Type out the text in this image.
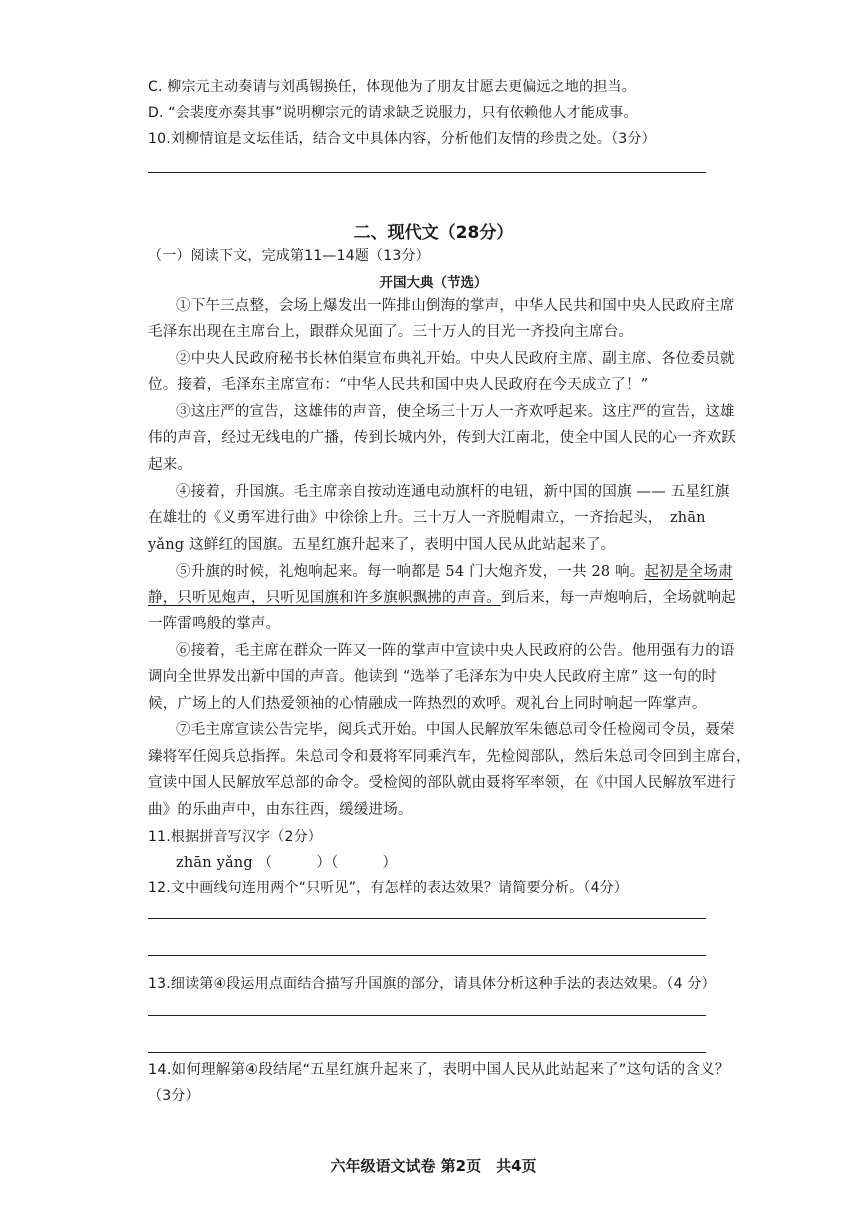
C. 柳宗元主动奏请与刘禹锡换任，体现他为了朋友甘愿去更偏远之地的担当。
D. “会裴度亦奏其事”说明柳宗元的请求缺乏说服力，只有依赖他人才能成事。
10.刘柳情谊是文坛佳话，结合文中具体内容，分析他们友情的珍贵之处。（3分）
二、现代文（28分）
（一）阅读下文，完成第11—14题（13分）
开国大典（节选）
①下午三点整，会场上爆发出一阵排山倒海的掌声，中华人民共和国中央人民政府主席
毛泽东出现在主席台上，跟群众见面了。三十万人的目光一齐投向主席台。
②中央人民政府秘书长林伯渠宣布典礼开始。中央人民政府主席、副主席、各位委员就
位。接着，毛泽东主席宣布：“中华人民共和国中央人民政府在今天成立了！”
③这庄严的宣告，这雄伟的声音，使全场三十万人一齐欢呼起来。这庄严的宣告，这雄
伟的声音，经过无线电的广播，传到长城内外，传到大江南北，使全中国人民的心一齐欢跃
起来。
④接着，升国旗。毛主席亲自按动连通电动旗杆的电钮，新中国的国旗 —— 五星红旗
在雄壮的《义勇军进行曲》中徐徐上升。三十万人一齐脱帽肃立，一齐抬起头，　zhān
yǎng 这鲜红的国旗。五星红旗升起来了，表明中国人民从此站起来了。
⑤升旗的时候，礼炮响起来。每一响都是 54 门大炮齐发，一共 28 响。起初是全场肃
静，只听见炮声，只听见国旗和许多旗帜飘拂的声音。到后来，每一声炮响后，全场就响起
一阵雷鸣般的掌声。
⑥接着，毛主席在群众一阵又一阵的掌声中宣读中央人民政府的公告。他用强有力的语
调向全世界发出新中国的声音。他读到 “选举了毛泽东为中央人民政府主席” 这一句的时
候，广场上的人们热爱领袖的心情融成一阵热烈的欢呼。观礼台上同时响起一阵掌声。
⑦毛主席宣读公告完毕，阅兵式开始。中国人民解放军朱德总司令任检阅司令员，聂荣
臻将军任阅兵总指挥。朱总司令和聂将军同乘汽车，先检阅部队，然后朱总司令回到主席台，
宣读中国人民解放军总部的命令。受检阅的部队就由聂将军率领，在《中国人民解放军进行
曲》的乐曲声中，由东往西，缓缓进场。
11.根据拼音写汉字（2分）
zhān yǎng （	）（	）
12.文中画线句连用两个“只听见”，有怎样的表达效果？请简要分析。（4分）
13.细读第④段运用点面结合描写升国旗的部分，请具体分析这种手法的表达效果。（4 分）
14.如何理解第④段结尾“五星红旗升起来了，表明中国人民从此站起来了”这句话的含义？
（3分）
六年级语文试卷 第2页　共4页
